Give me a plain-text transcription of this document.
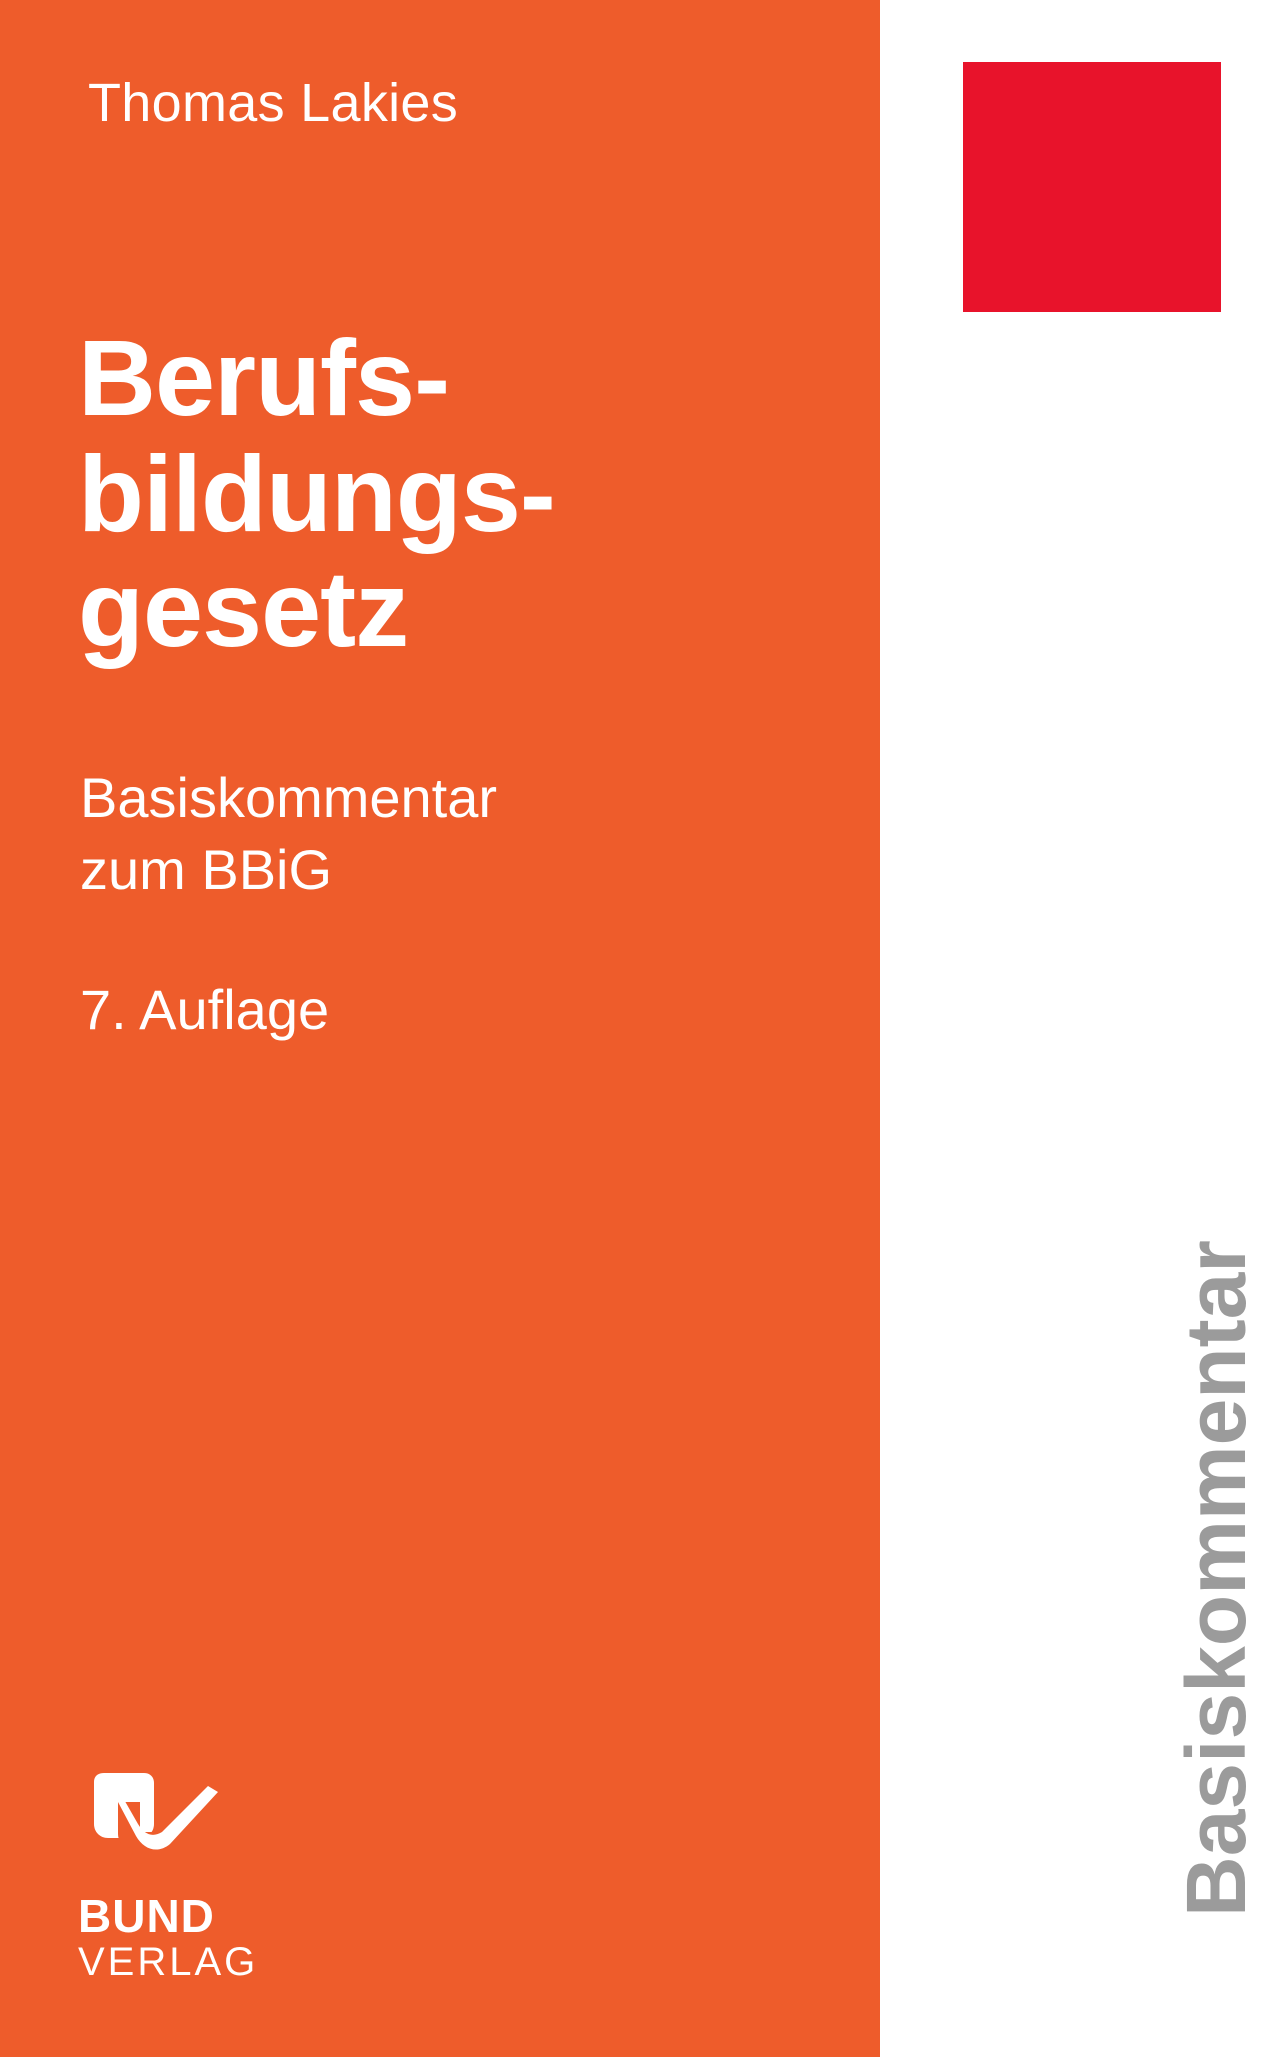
Thomas Lakies
Berufs-
bildungs-
gesetz
Basiskommentar
zum BBiG
7. Auflage
Basiskommentar
BUND
VERLAG
